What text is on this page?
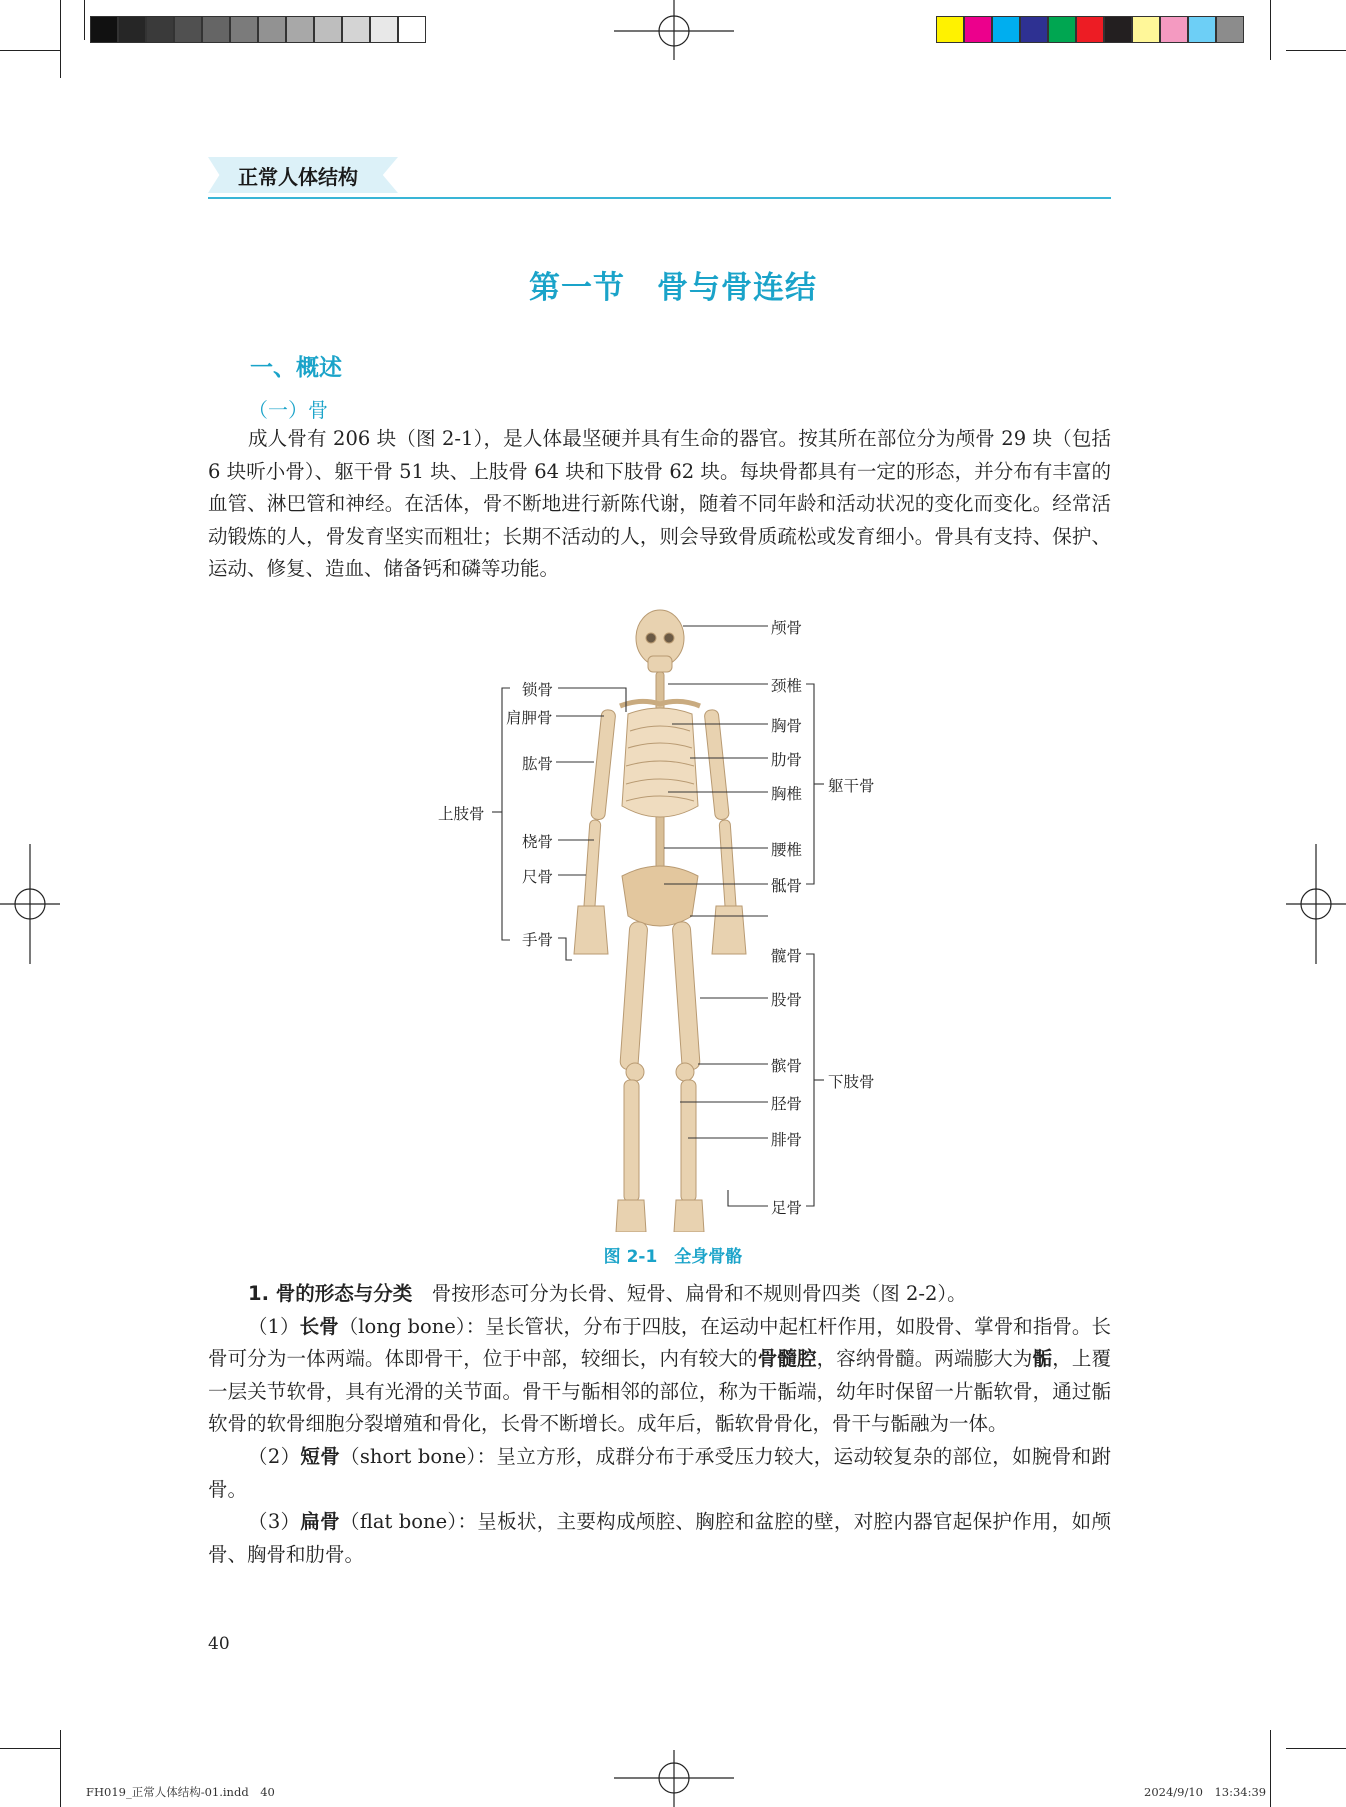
正常人体结构
第一节　骨与骨连结
一、概述
（一）骨

成人骨有 206 块（图 2-1），是人体最坚硬并具有生命的器官。按其所在部位分为颅骨 29 块（包括 6 块听小骨）、躯干骨 51 块、上肢骨 64 块和下肢骨 62 块。每块骨都具有一定的形态，并分布有丰富的血管、淋巴管和神经。在活体，骨不断地进行新陈代谢，随着不同年龄和活动状况的变化而变化。经常活动锻炼的人，骨发育坚实而粗壮；长期不活动的人，则会导致骨质疏松或发育细小。骨具有支持、保护、运动、修复、造血、储备钙和磷等功能。

颅骨
颈椎
胸骨
肋骨
躯干骨
胸椎
腰椎
骶骨
髋骨
股骨
髌骨
下肢骨
胫骨
腓骨
足骨
锁骨
肩胛骨
肱骨
上肢骨
桡骨
尺骨
手骨
图 2-1　全身骨骼

1. 骨的形态与分类　骨按形态可分为长骨、短骨、扁骨和不规则骨四类（图 2-2）。

（1）长骨（long bone）：呈长管状，分布于四肢，在运动中起杠杆作用，如股骨、掌骨和指骨。长骨可分为一体两端。体即骨干，位于中部，较细长，内有较大的骨髓腔，容纳骨髓。两端膨大为骺，上覆一层关节软骨，具有光滑的关节面。骨干与骺相邻的部位，称为干骺端，幼年时保留一片骺软骨，通过骺软骨的软骨细胞分裂增殖和骨化，长骨不断增长。成年后，骺软骨骨化，骨干与骺融为一体。

（2）短骨（short bone）：呈立方形，成群分布于承受压力较大，运动较复杂的部位，如腕骨和跗骨。

（3）扁骨（flat bone）：呈板状，主要构成颅腔、胸腔和盆腔的壁，对腔内器官起保护作用，如颅骨、胸骨和肋骨。

40
FH019_正常人体结构-01.indd　40	2024/9/10　13:34:39
